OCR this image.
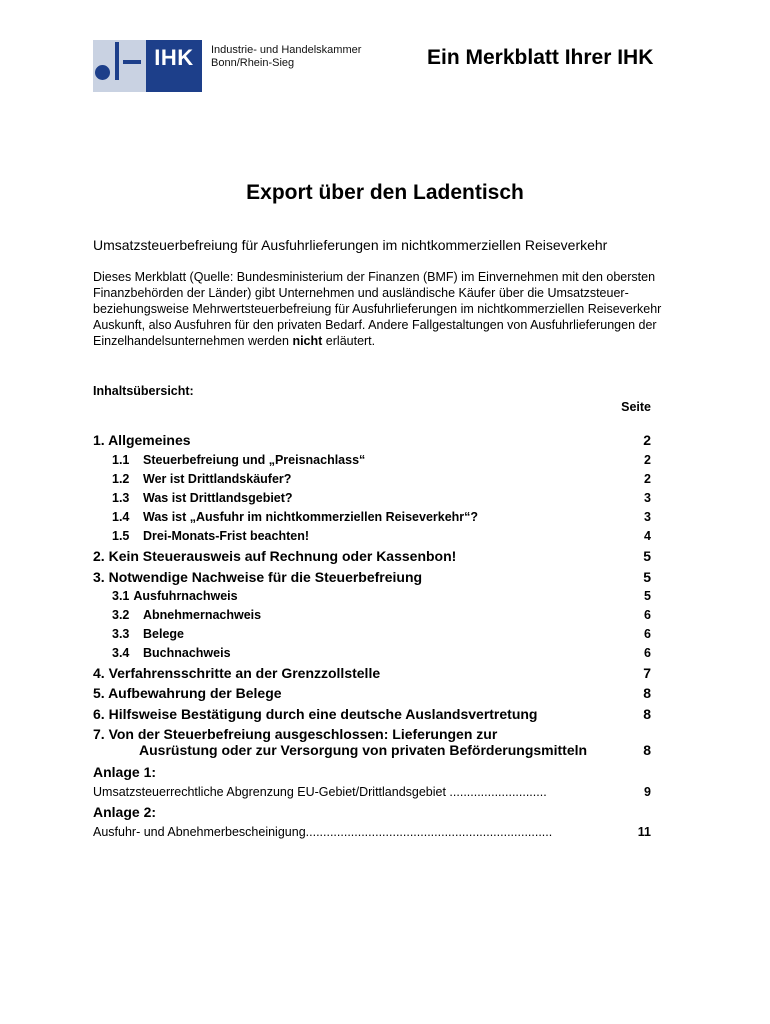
IHK	Industrie- und Handelskammer
Bonn/Rhein-Sieg	Ein Merkblatt Ihrer IHK
Export über den Ladentisch
Umsatzsteuerbefreiung für Ausfuhrlieferungen im nichtkommerziellen Reiseverkehr
Dieses Merkblatt (Quelle: Bundesministerium der Finanzen (BMF) im Einvernehmen mit den obersten Finanzbehörden der Länder) gibt Unternehmen und ausländische Käufer über die Umsatzsteuer- beziehungsweise Mehrwertsteuerbefreiung für Ausfuhrlieferungen im nichtkommerziellen Reiseverkehr Auskunft, also Ausfuhren für den privaten Bedarf. Andere Fallgestaltungen von Ausfuhrlieferungen der Einzelhandelsunternehmen werden nicht erläutert.
Inhaltsübersicht:
Seite
1. Allgemeines	2
1.1 Steuerbefreiung und „Preisnachlass“	2
1.2 Wer ist Drittlandskäufer?	2
1.3 Was ist Drittlandsgebiet?	3
1.4 Was ist „Ausfuhr im nichtkommerziellen Reiseverkehr“?	3
1.5 Drei-Monats-Frist beachten!	4
2. Kein Steuerausweis auf Rechnung oder Kassenbon!	5
3. Notwendige Nachweise für die Steuerbefreiung	5
3.1 Ausfuhrnachweis	5
3.2 Abnehmernachweis	6
3.3 Belege	6
3.4 Buchnachweis	6
4. Verfahrensschritte an der Grenzzollstelle	7
5. Aufbewahrung der Belege	8
6. Hilfsweise Bestätigung durch eine deutsche Auslandsvertretung	8
7. Von der Steuerbefreiung ausgeschlossen: Lieferungen zur
Ausrüstung oder zur Versorgung von privaten Beförderungsmitteln	8
Anlage 1:
Umsatzsteuerrechtliche Abgrenzung EU-Gebiet/Drittlandsgebiet ............................	9
Anlage 2:
Ausfuhr- und Abnehmerbescheinigung.......................................................................	11
